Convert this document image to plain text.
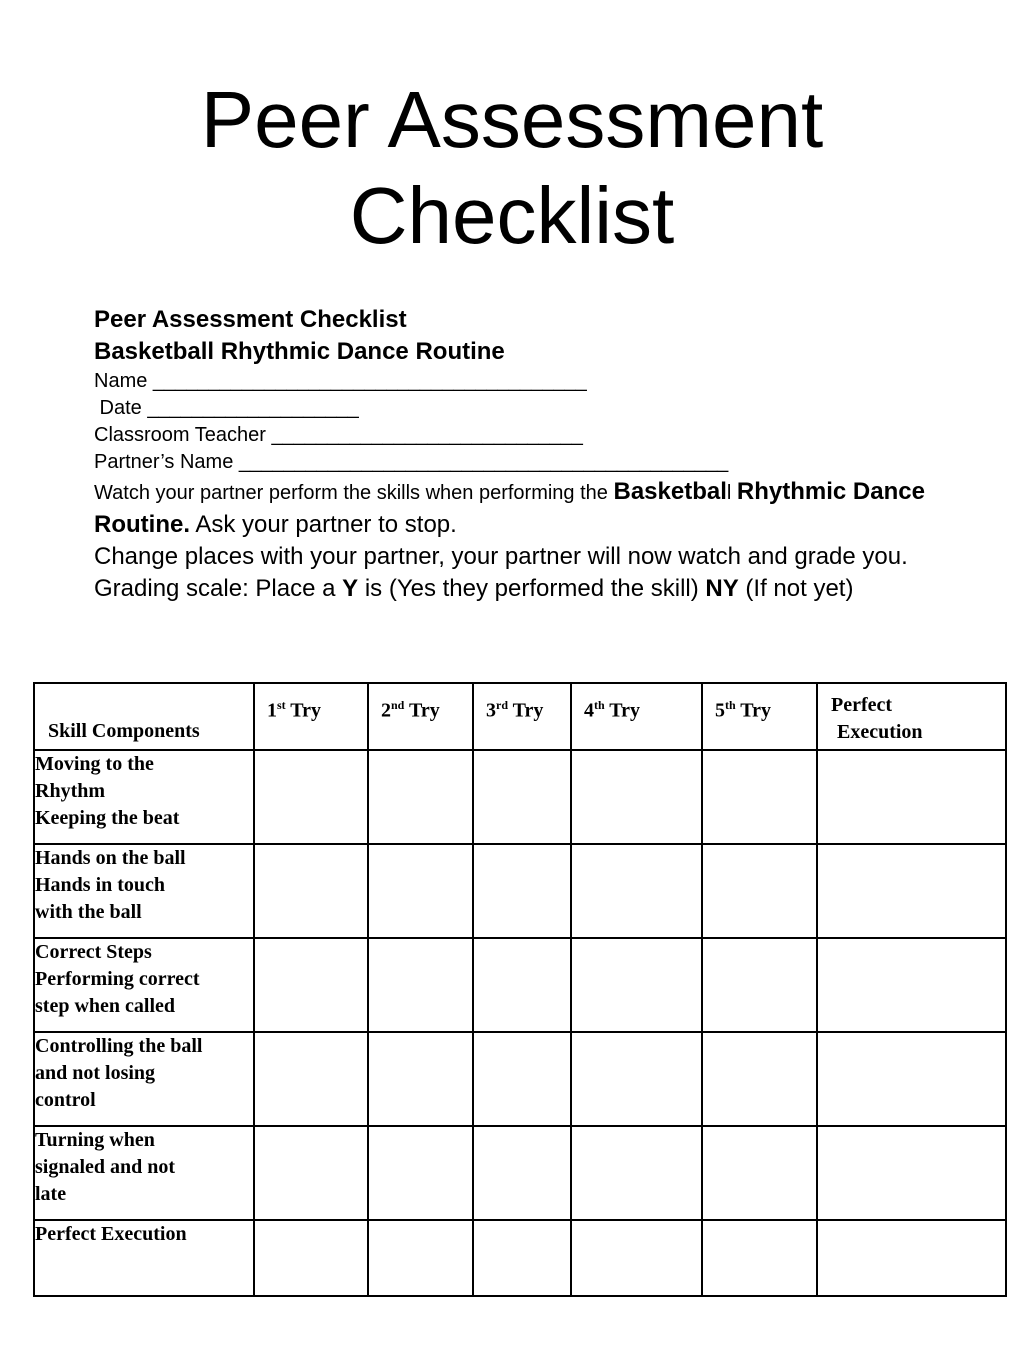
Peer Assessment
Checklist
Peer Assessment Checklist
Basketball Rhythmic Dance Routine
Name _______________________________________
Date ___________________
Classroom Teacher ____________________________
Partner’s Name ____________________________________________
Watch your partner perform the skills when performing the Basketball Rhythmic Dance Routine. Ask your partner to stop.
Change places with your partner, your partner will now watch and grade you.
Grading scale: Place a Y is (Yes they performed the skill) NY (If not yet)
Skill Components	1st Try	2nd Try	3rd Try	4th Try	5th Try	Perfect
Execution

Moving to the
Rhythm
Keeping the beat						

Hands on the ball
Hands in touch
with the ball						

Correct Steps
Performing correct
step when called						

Controlling the ball
and not losing
control						

Turning when
signaled and not
late						

Perfect Execution						
